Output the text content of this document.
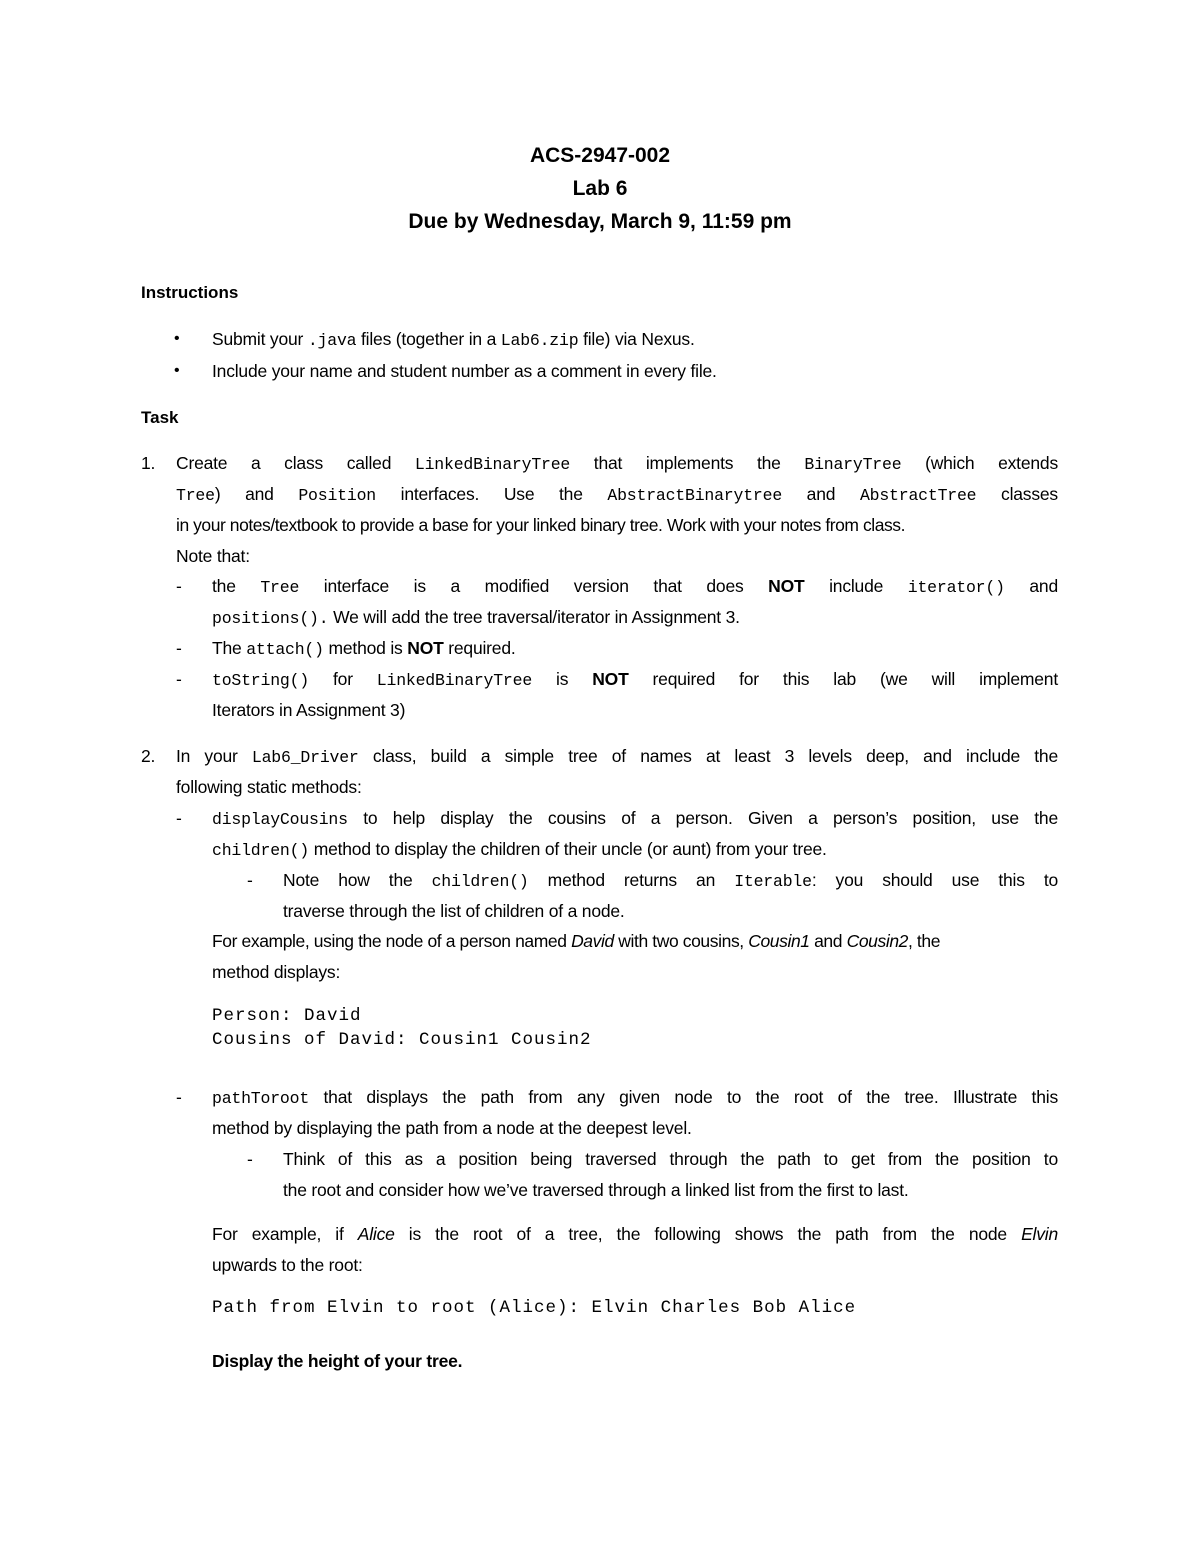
ACS-2947-002
Lab 6
Due by Wednesday, March 9, 11:59 pm
Instructions
• Submit your .java files (together in a Lab6.zip file) via Nexus.
• Include your name and student number as a comment in every file.
Task
1. Create a class called LinkedBinaryTree that implements the BinaryTree (which extends
Tree) and Position interfaces. Use the AbstractBinarytree and AbstractTree classes
in your notes/textbook to provide a base for your linked binary tree. Work with your notes from class.
Note that:
- the Tree interface is a modified version that does NOT include iterator() and
positions(). We will add the tree traversal/iterator in Assignment 3.
- The attach() method is NOT required.
- toString() for LinkedBinaryTree is NOT required for this lab (we will implement
Iterators in Assignment 3)
2. In your Lab6_Driver class, build a simple tree of names at least 3 levels deep, and include the
following static methods:
- displayCousins to help display the cousins of a person. Given a person’s position, use the
children() method to display the children of their uncle (or aunt) from your tree.
- Note how the children() method returns an Iterable: you should use this to
traverse through the list of children of a node.
For example, using the node of a person named David with two cousins, Cousin1 and Cousin2, the
method displays:
Person: David
Cousins of David: Cousin1 Cousin2
- pathToroot that displays the path from any given node to the root of the tree. Illustrate this
method by displaying the path from a node at the deepest level.
- Think of this as a position being traversed through the path to get from the position to
the root and consider how we’ve traversed through a linked list from the first to last.
For example, if Alice is the root of a tree, the following shows the path from the node Elvin
upwards to the root:
Path from Elvin to root (Alice): Elvin Charles Bob Alice
Display the height of your tree.
